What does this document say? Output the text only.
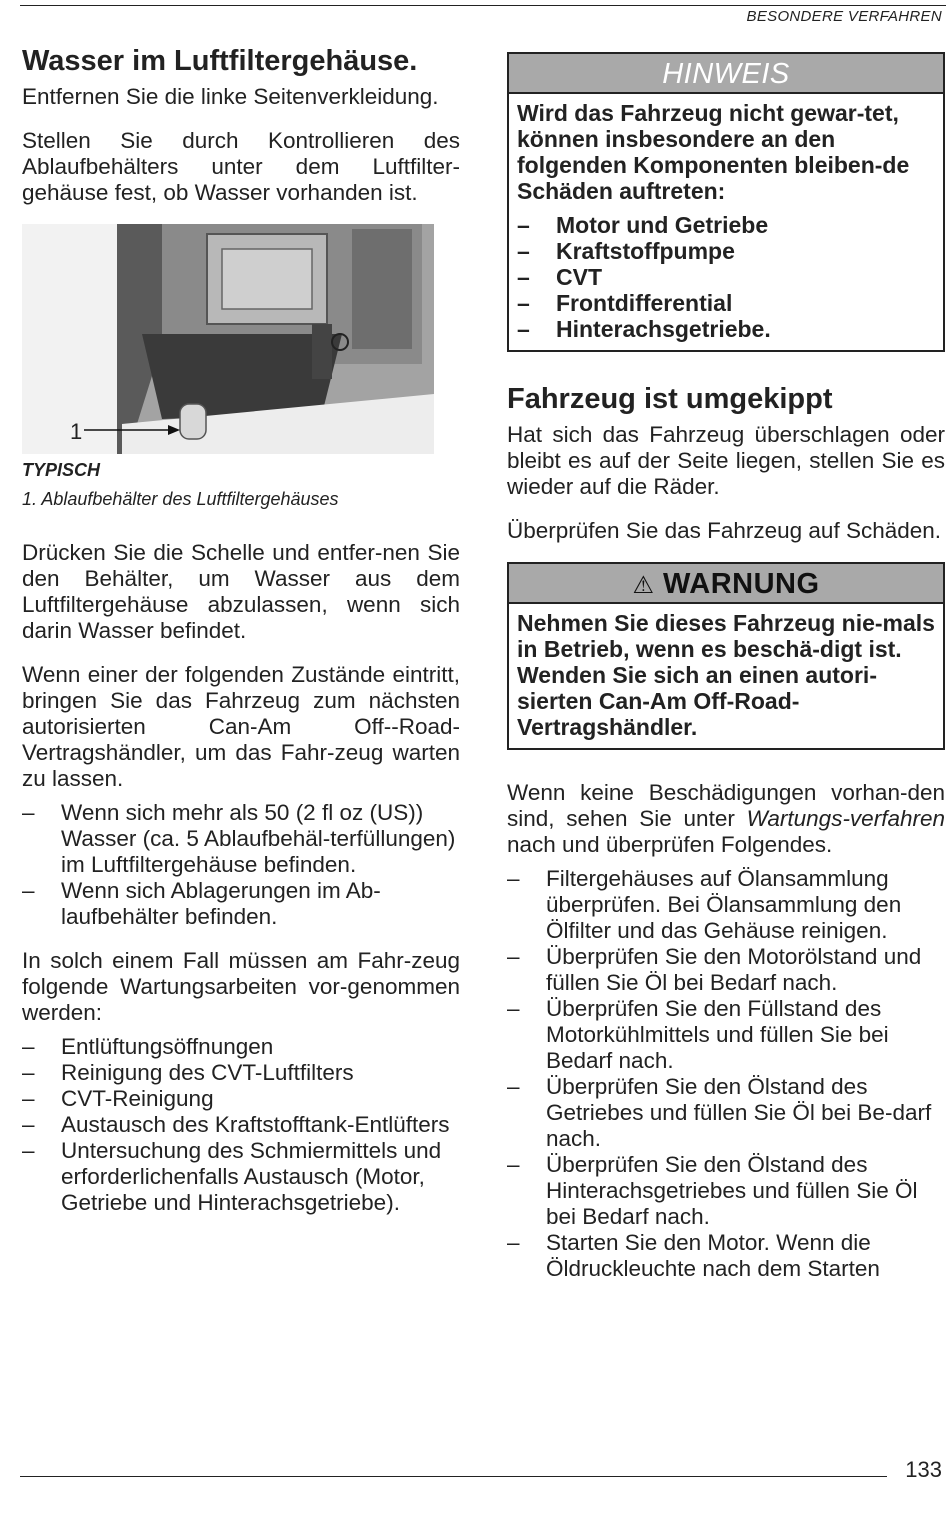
BESONDERE VERFAHREN
Wasser im Luftfiltergehäuse.

Entfernen Sie die linke Seitenverkleidung.

Stellen Sie durch Kontrollieren des Ablaufbehälters unter dem Luftfilter-gehäuse fest, ob Wasser vorhanden ist.

1
TYPISCH
1. Ablaufbehälter des Luftfiltergehäuses

Drücken Sie die Schelle und entfer-nen Sie den Behälter, um Wasser aus dem Luftfiltergehäuse abzulassen, wenn sich darin Wasser befindet.

Wenn einer der folgenden Zustände eintritt, bringen Sie das Fahrzeug zum nächsten autorisierten Can-Am Off--Road-Vertragshändler, um das Fahr-zeug warten zu lassen.

– Wenn sich mehr als 50 (2 fl oz (US)) Wasser (ca. 5 Ablaufbehäl-terfüllungen) im Luftfiltergehäuse befinden.
– Wenn sich Ablagerungen im Ab-laufbehälter befinden.

In solch einem Fall müssen am Fahr-zeug folgende Wartungsarbeiten vor-genommen werden:

– Entlüftungsöffnungen
– Reinigung des CVT-Luftfilters
– CVT-Reinigung
– Austausch des Kraftstofftank-Entlüfters
– Untersuchung des Schmiermittels und erforderlichenfalls Austausch (Motor, Getriebe und Hinterachsgetriebe).
HINWEIS
Wird das Fahrzeug nicht gewar-tet, können insbesondere an den folgenden Komponenten bleiben-de Schäden auftreten:
– Motor und Getriebe
– Kraftstoffpumpe
– CVT
– Frontdifferential
– Hinterachsgetriebe.
Fahrzeug ist umgekippt

Hat sich das Fahrzeug überschlagen oder bleibt es auf der Seite liegen, stellen Sie es wieder auf die Räder.

Überprüfen Sie das Fahrzeug auf Schäden.

⚠ WARNUNG
Nehmen Sie dieses Fahrzeug nie-mals in Betrieb, wenn es beschä-digt ist.
Wenden Sie sich an einen autori-sierten Can-Am Off-Road-Vertragshändler.

Wenn keine Beschädigungen vorhan-den sind, sehen Sie unter Wartungs-verfahren nach und überprüfen Folgendes.

– Filtergehäuses auf Ölansammlung überprüfen. Bei Ölansammlung den Ölfilter und das Gehäuse reinigen.
– Überprüfen Sie den Motorölstand und füllen Sie Öl bei Bedarf nach.
– Überprüfen Sie den Füllstand des Motorkühlmittels und füllen Sie bei Bedarf nach.
– Überprüfen Sie den Ölstand des Getriebes und füllen Sie Öl bei Be-darf nach.
– Überprüfen Sie den Ölstand des Hinterachsgetriebes und füllen Sie Öl bei Bedarf nach.
– Starten Sie den Motor. Wenn die Öldruckleuchte nach dem Starten
133
